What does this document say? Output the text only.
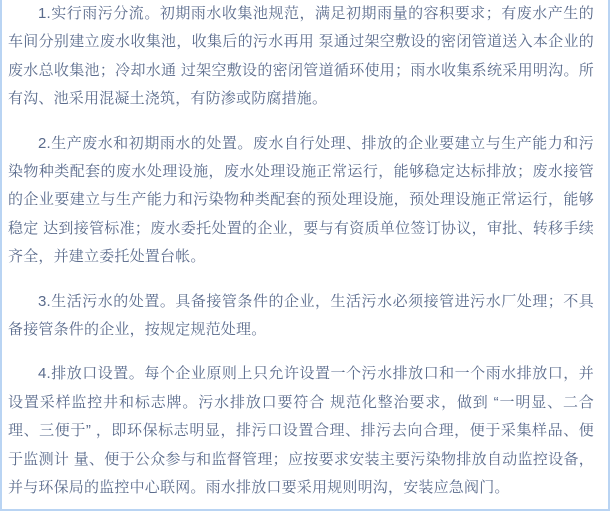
1.实行雨污分流。初期雨水收集池规范，满足初期雨量的容积要求；有废水产生的车间分别建立废水收集池，收集后的污水再用 泵通过架空敷设的密闭管道送入本企业的废水总收集池；冷却水通 过架空敷设的密闭管道循环使用；雨水收集系统采用明沟。所有沟、池采用混凝土浇筑，有防渗或防腐措施。

2.生产废水和初期雨水的处置。废水自行处理、排放的企业要建立与生产能力和污染物种类配套的废水处理设施，废水处理设施正常运行，能够稳定达标排放；废水接管的企业要建立与生产能力和污染物种类配套的预处理设施，预处理设施正常运行，能够稳定 达到接管标准；废水委托处置的企业，要与有资质单位签订协议，审批、转移手续齐全，并建立委托处置台帐。

3.生活污水的处置。具备接管条件的企业，生活污水必须接管进污水厂处理；不具备接管条件的企业，按规定规范处理。

4.排放口设置。每个企业原则上只允许设置一个污水排放口和一个雨水排放口，并设置采样监控井和标志牌。污水排放口要符合 规范化整治要求，做到 “一明显、二合理、三便于” ，即环保标志明显，排污口设置合理、排污去向合理，便于采集样品、便于监测计 量、便于公众参与和监督管理；应按要求安装主要污染物排放自动监控设备，并与环保局的监控中心联网。雨水排放口要采用规则明沟，安装应急阀门。
